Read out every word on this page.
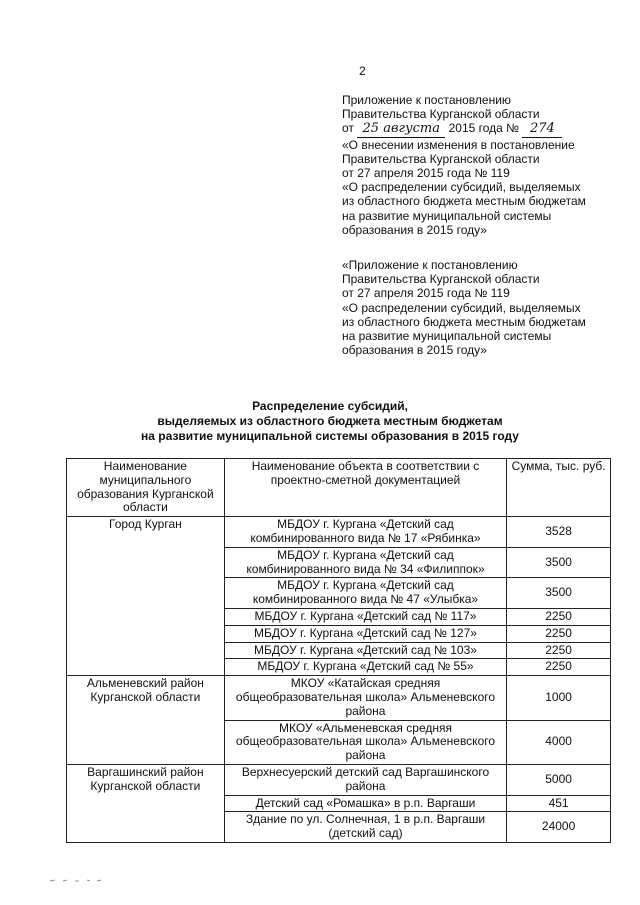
2
Приложение к постановлению
Правительства Курганской области
от 25 августа 2015 года № 274
«О внесении изменения в постановление
Правительства Курганской области
от 27 апреля 2015 года № 119
«О распределении субсидий, выделяемых
из областного бюджета местным бюджетам
на развитие муниципальной системы
образования в 2015 году»
«Приложение к постановлению
Правительства Курганской области
от 27 апреля 2015 года № 119
«О распределении субсидий, выделяемых
из областного бюджета местным бюджетам
на развитие муниципальной системы
образования в 2015 году»
Распределение субсидий,
выделяемых из областного бюджета местным бюджетам
на развитие муниципальной системы образования в 2015 году
Наименование муниципального образования Курганской области	Наименование объекта в соответствии с проектно-сметной документацией	Сумма, тыс. руб.
Город Курган	МБДОУ г. Кургана «Детский сад комбинированного вида № 17 «Рябинка»	3528
	МБДОУ г. Кургана «Детский сад комбинированного вида № 34 «Филиппок»	3500
	МБДОУ г. Кургана «Детский сад комбинированного вида № 47 «Улыбка»	3500
	МБДОУ г. Кургана «Детский сад № 117»	2250
	МБДОУ г. Кургана «Детский сад № 127»	2250
	МБДОУ г. Кургана «Детский сад № 103»	2250
	МБДОУ г. Кургана «Детский сад № 55»	2250
Альменевский район Курганской области	МКОУ «Катайская средняя общеобразовательная школа» Альменевского района	1000
	МКОУ «Альменевская средняя общеобразовательная школа» Альменевского района	4000
Варгашинский район Курганской области	Верхнесуерский детский сад Варгашинского района	5000
	Детский сад «Ромашка» в р.п. Варгаши	451
	Здание по ул. Солнечная, 1 в р.п. Варгаши (детский сад)	24000
